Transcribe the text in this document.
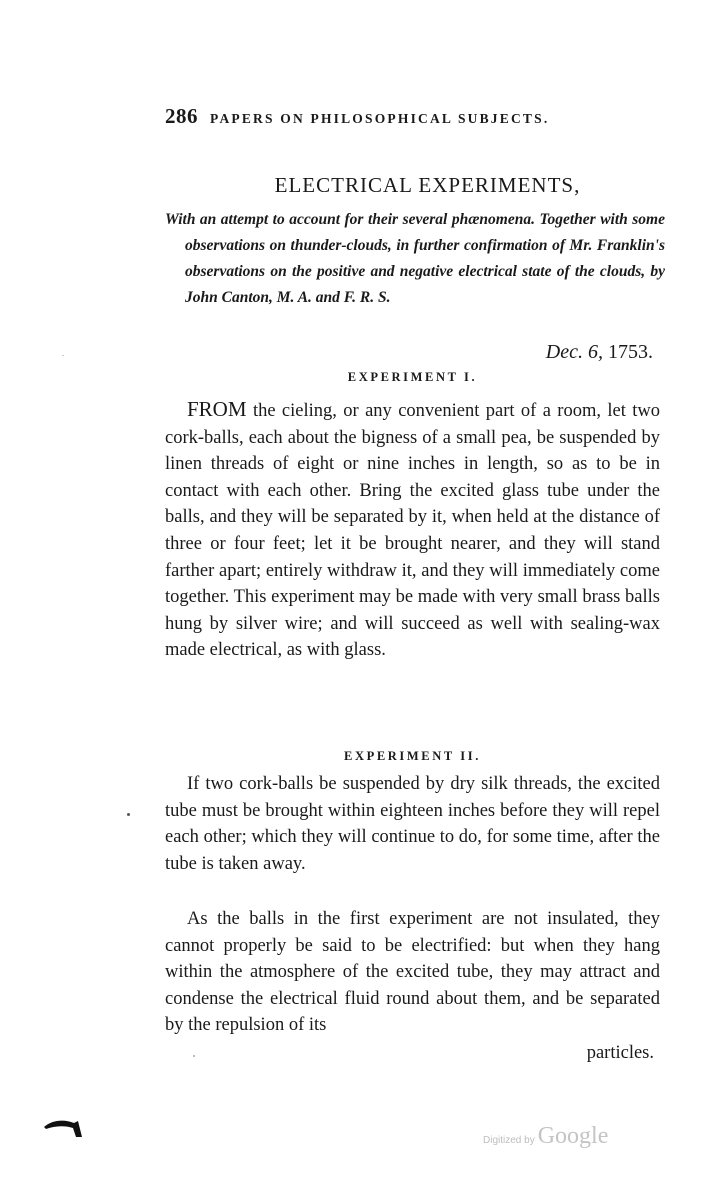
286 PAPERS ON PHILOSOPHICAL SUBJECTS.
ELECTRICAL EXPERIMENTS,
With an attempt to account for their several phænomena. Together with some observations on thunder-clouds, in further confirmation of Mr. Franklin's observations on the positive and negative electrical state of the clouds, by John Canton, M. A. and F. R. S.
Dec. 6, 1753.
EXPERIMENT I.

FROM the cieling, or any convenient part of a room, let two cork-balls, each about the bigness of a small pea, be suspended by linen threads of eight or nine inches in length, so as to be in contact with each other. Bring the excited glass tube under the balls, and they will be separated by it, when held at the distance of three or four feet; let it be brought nearer, and they will stand farther apart; entirely withdraw it, and they will immediately come together. This experiment may be made with very small brass balls hung by silver wire; and will succeed as well with sealing-wax made electrical, as with glass.

EXPERIMENT II.

If two cork-balls be suspended by dry silk threads, the excited tube must be brought within eighteen inches before they will repel each other; which they will continue to do, for some time, after the tube is taken away.

As the balls in the first experiment are not insulated, they cannot properly be said to be electrified: but when they hang within the atmosphere of the excited tube, they may attract and condense the electrical fluid round about them, and be separated by the repulsion of its

particles.
Digitized by Google
